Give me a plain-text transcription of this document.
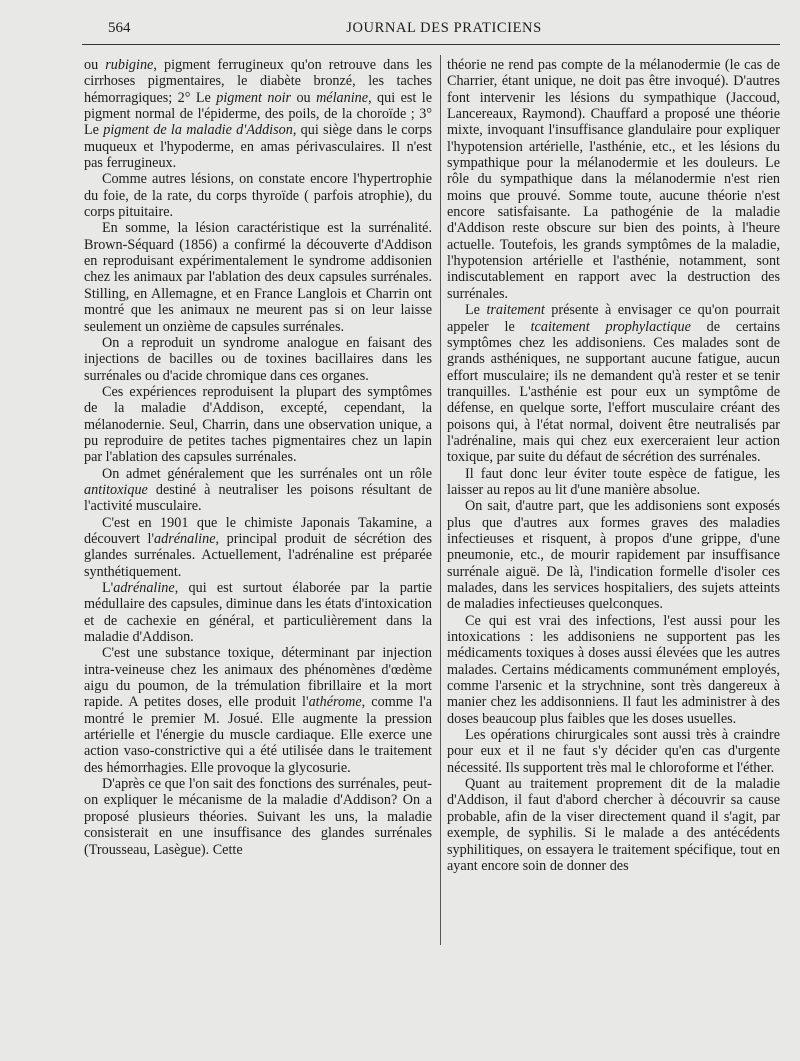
564	JOURNAL DES PRATICIENS

ou rubigine, pigment ferrugineux qu'on retrouve dans les cirrhoses pigmentaires, le diabète bronzé, les taches hémorragiques; 2° Le pigment noir ou mélanine, qui est le pigment normal de l'épiderme, des poils, de la choroïde ; 3° Le pigment de la maladie d'Addison, qui siège dans le corps muqueux et l'hypoderme, en amas périvasculaires. Il n'est pas ferrugineux.

Comme autres lésions, on constate encore l'hypertrophie du foie, de la rate, du corps thyroïde ( parfois atrophie), du corps pituitaire.

En somme, la lésion caractéristique est la surrénalité. Brown-Séquard (1856) a confirmé la découverte d'Addison en reproduisant expérimentalement le syndrome addisonien chez les animaux par l'ablation des deux capsules surrénales. Stilling, en Allemagne, et en France Langlois et Charrin ont montré que les animaux ne meurent pas si on leur laisse seulement un onzième de capsules surrénales.

On a reproduit un syndrome analogue en faisant des injections de bacilles ou de toxines bacillaires dans les surrénales ou d'acide chromique dans ces organes.

Ces expériences reproduisent la plupart des symptômes de la maladie d'Addison, excepté, cependant, la mélanodernie. Seul, Charrin, dans une observation unique, a pu reproduire de petites taches pigmentaires chez un lapin par l'ablation des capsules surrénales.

On admet généralement que les surrénales ont un rôle antitoxique destiné à neutraliser les poisons résultant de l'activité musculaire.

C'est en 1901 que le chimiste Japonais Takamine, a découvert l'adrénaline, principal produit de sécrétion des glandes surrénales. Actuellement, l'adrénaline est préparée synthétiquement.

L'adrénaline, qui est surtout élaborée par la partie médullaire des capsules, diminue dans les états d'intoxication et de cachexie en général, et particulièrement dans la maladie d'Addison.

C'est une substance toxique, déterminant par injection intra-veineuse chez les animaux des phénomènes d'œdème aigu du poumon, de la trémulation fibrillaire et la mort rapide. A petites doses, elle produit l'athérome, comme l'a montré le premier M. Josué. Elle augmente la pression artérielle et l'énergie du muscle cardiaque. Elle exerce une action vaso-constrictive qui a été utilisée dans le traitement des hémorrhagies. Elle provoque la glycosurie.

D'après ce que l'on sait des fonctions des surrénales, peut-on expliquer le mécanisme de la maladie d'Addison? On a proposé plusieurs théories. Suivant les uns, la maladie consisterait en une insuffisance des glandes surrénales (Trousseau, Lasègue). Cette

théorie ne rend pas compte de la mélanodermie (le cas de Charrier, étant unique, ne doit pas être invoqué). D'autres font intervenir les lésions du sympathique (Jaccoud, Lancereaux, Raymond). Chauffard a proposé une théorie mixte, invoquant l'insuffisance glandulaire pour expliquer l'hypotension artérielle, l'asthénie, etc., et les lésions du sympathique pour la mélanodermie et les douleurs. Le rôle du sympathique dans la mélanodermie n'est rien moins que prouvé. Somme toute, aucune théorie n'est encore satisfaisante. La pathogénie de la maladie d'Addison reste obscure sur bien des points, à l'heure actuelle. Toutefois, les grands symptômes de la maladie, l'hypotension artérielle et l'asthénie, notamment, sont indiscutablement en rapport avec la destruction des surrénales.

Le traitement présente à envisager ce qu'on pourrait appeler le tcaitement prophylactique de certains symptômes chez les addisoniens. Ces malades sont de grands asthéniques, ne supportant aucune fatigue, aucun effort musculaire; ils ne demandent qu'à rester et se tenir tranquilles. L'asthénie est pour eux un symptôme de défense, en quelque sorte, l'effort musculaire créant des poisons qui, à l'état normal, doivent être neutralisés par l'adrénaline, mais qui chez eux exerceraient leur action toxique, par suite du défaut de sécrétion des surrénales.

Il faut donc leur éviter toute espèce de fatigue, les laisser au repos au lit d'une manière absolue.

On sait, d'autre part, que les addisoniens sont exposés plus que d'autres aux formes graves des maladies infectieuses et risquent, à propos d'une grippe, d'une pneumonie, etc., de mourir rapidement par insuffisance surrénale aiguë. De là, l'indication formelle d'isoler ces malades, dans les services hospitaliers, des sujets atteints de maladies infectieuses quelconques.

Ce qui est vrai des infections, l'est aussi pour les intoxications : les addisoniens ne supportent pas les médicaments toxiques à doses aussi élevées que les autres malades. Certains médicaments communément employés, comme l'arsenic et la strychnine, sont très dangereux à manier chez les addisonniens. Il faut les administrer à des doses beaucoup plus faibles que les doses usuelles.

Les opérations chirurgicales sont aussi très à craindre pour eux et il ne faut s'y décider qu'en cas d'urgente nécessité. Ils supportent très mal le chloroforme et l'éther.

Quant au traitement proprement dit de la maladie d'Addison, il faut d'abord chercher à découvrir sa cause probable, afin de la viser directement quand il s'agit, par exemple, de syphilis. Si le malade a des antécédents syphilitiques, on essayera le traitement spécifique, tout en ayant encore soin de donner des
